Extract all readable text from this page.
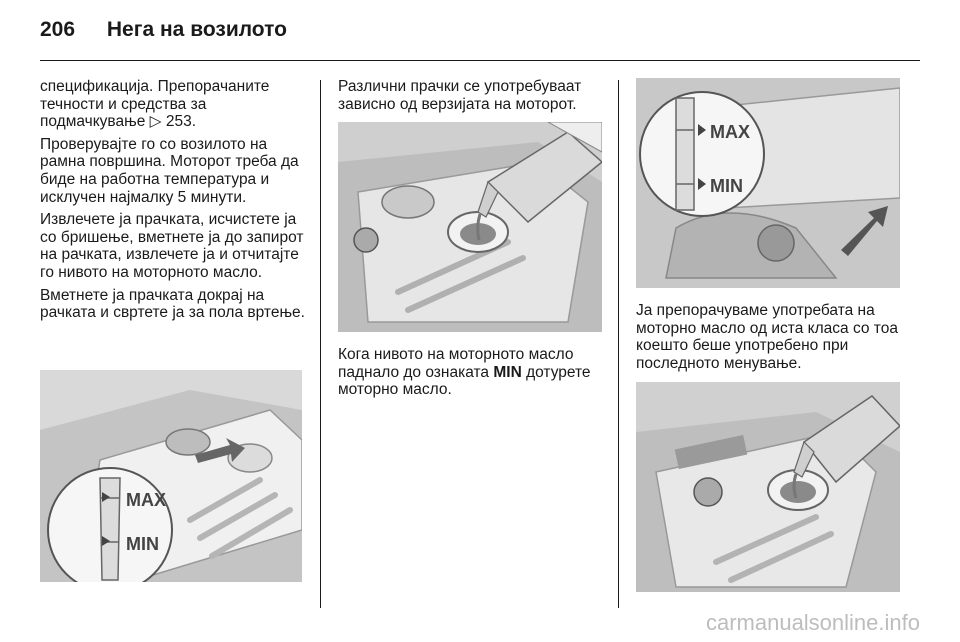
206 Нега на возилото

спецификација. Препорачаните течности и средства за подмачкување ▷ 253.

Проверувајте го со возилото на рамна површина. Моторот треба да биде на работна температура и исклучен најмалку 5 минути.

Извлечете ја прачката, исчистете ја со бришење, вметнете ја до запирот на рачката, извлечете ја и отчитајте го нивото на моторното масло.

Вметнете ја прачката докрај на рачката и свртете ја за пола вртење.

MAX
MIN

Различни прачки се употребуваат зависно од верзијата на моторот.

Кога нивото на моторното масло паднало до ознаката MIN дотурете моторно масло.

MAX
MIN

Ја препорачуваме употребата на моторно масло од иста класа со тоа коешто беше употребено при последното менување.

carmanualsonline.info
